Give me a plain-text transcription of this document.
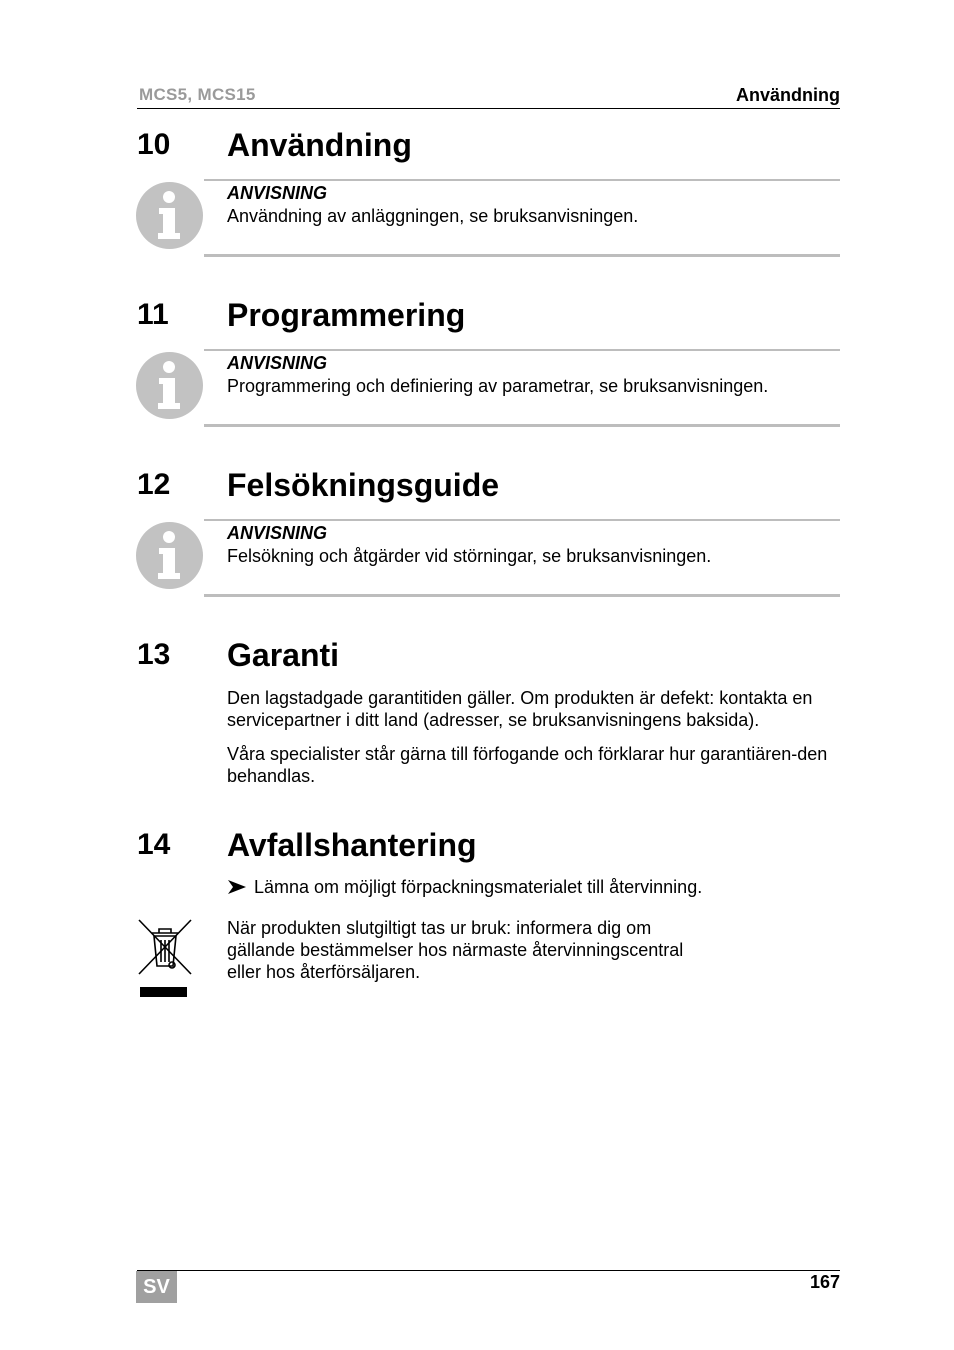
MCS5, MCS15	Användning
10 Användning
ANVISNING
Användning av anläggningen, se bruksanvisningen.
11 Programmering
ANVISNING
Programmering och definiering av parametrar, se bruksanvisningen.
12 Felsökningsguide
ANVISNING
Felsökning och åtgärder vid störningar, se bruksanvisningen.
13 Garanti

Den lagstadgade garantitiden gäller. Om produkten är defekt: kontakta en servicepartner i ditt land (adresser, se bruksanvisningens baksida).

Våra specialister står gärna till förfogande och förklarar hur garantiären-den behandlas.

14 Avfallshantering
Lämna om möjligt förpackningsmaterialet till återvinning.
När produkten slutgiltigt tas ur bruk: informera dig om
gällande bestämmelser hos närmaste återvinningscentral
eller hos återförsäljaren.
SV	167
